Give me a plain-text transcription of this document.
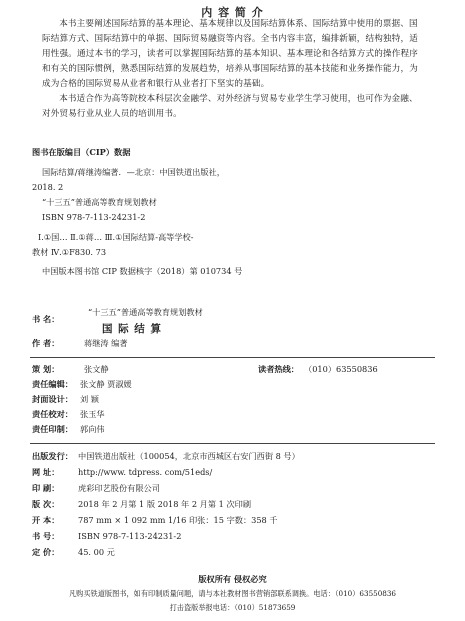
内 容 简 介

本书主要阐述国际结算的基本理论、基本规律以及国际结算体系、国际结算中使用的票据、国际结算方式、国际结算中的单据、国际贸易融资等内容。全书内容丰富，编排新颖，结构独特，适用性强。通过本书的学习，读者可以掌握国际结算的基本知识、基本理论和各结算方式的操作程序和有关的国际惯例，熟悉国际结算的发展趋势，培养从事国际结算的基本技能和业务操作能力，为成为合格的国际贸易从业者和银行从业者打下坚实的基础。

本书适合作为高等院校本科层次金融学、对外经济与贸易专业学生学习使用，也可作为金融、对外贸易行业从业人员的培训用书。

图书在版编目（CIP）数据
国际结算/蒋继涛编著．—北京：中国铁道出版社，
2018. 2
“十三五”普通高等教育规划教材
ISBN 978-7-113-24231-2
Ⅰ.①国… Ⅱ.①蒋… Ⅲ.①国际结算-高等学校-
教材 Ⅳ.①F830. 73
中国版本图书馆 CIP 数据核字（2018）第 010734 号
书 名：
“十三五”普通高等教育规划教材
国 际 结 算
作 者：	蒋继涛 编著
策 划：	张文静	读者热线： （010）63550836
责任编辑： 张文静 贾淑媛
封面设计： 刘 颖
责任校对： 张玉华
责任印制： 郭向伟
出版发行： 中国铁道出版社（100054，北京市西城区右安门西街 8 号）
网 址： http://www. tdpress. com/51eds/
印 刷： 虎彩印艺股份有限公司
版 次： 2018 年 2 月第 1 版 2018 年 2 月第 1 次印刷
开 本： 787 mm × 1 092 mm 1/16 印张：15 字数：358 千
书 号： ISBN 978-7-113-24231-2
定 价： 45. 00 元
版权所有 侵权必究
凡购买铁道版图书，如有印制质量问题，请与本社教材图书营销部联系调换。电话：（010）63550836
打击盗版举报电话：（010）51873659
